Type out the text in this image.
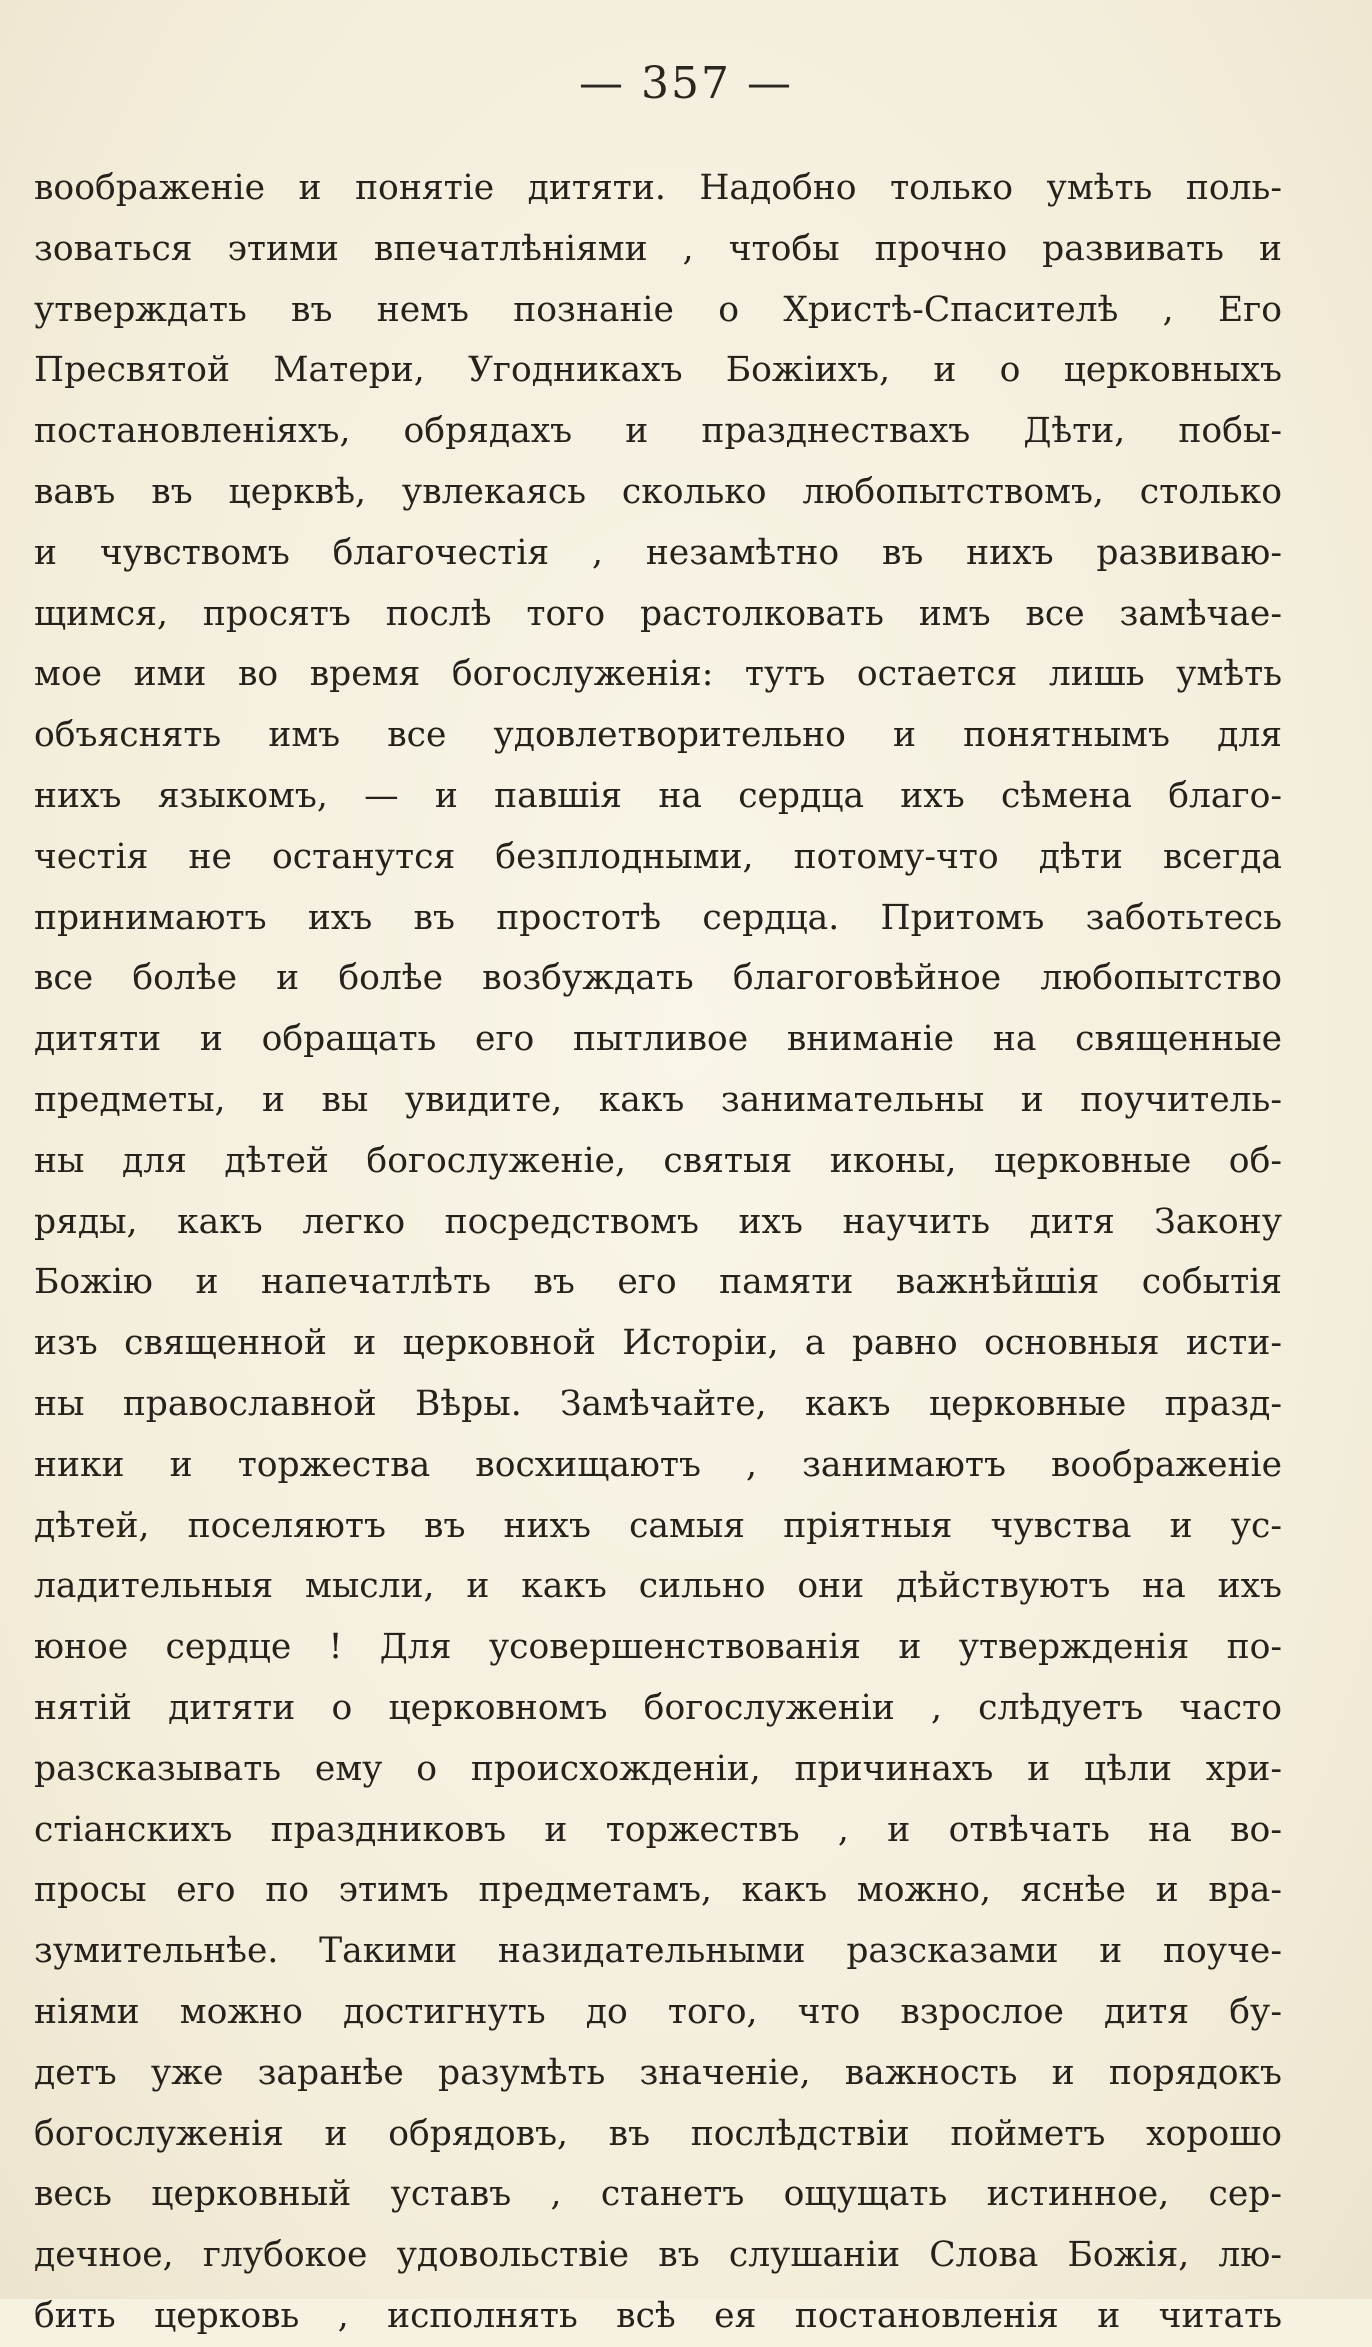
— 357 —
воображеніе и понятіе дитяти. Надобно только умѣть поль-
зоваться этими впечатлѣніями , чтобы прочно развивать и
утверждать въ немъ познаніе о Христѣ-Спасителѣ , Его
Пресвятой Матери, Угодникахъ Божіихъ, и о церковныхъ
постановленіяхъ, обрядахъ и празднествахъ Дѣти, побы-
вавъ въ церквѣ, увлекаясь сколько любопытствомъ, столько
и чувствомъ благочестія , незамѣтно въ нихъ развиваю-
щимся, просятъ послѣ того растолковать имъ все замѣчае-
мое ими во время богослуженія: тутъ остается лишь умѣть
объяснять имъ все удовлетворительно и понятнымъ для
нихъ языкомъ, — и павшія на сердца ихъ сѣмена благо-
честія не останутся безплодными, потому-что дѣти всегда
принимаютъ ихъ въ простотѣ сердца. Притомъ заботьтесь
все болѣе и болѣе возбуждать благоговѣйное любопытство
дитяти и обращать его пытливое вниманіе на священные
предметы, и вы увидите, какъ занимательны и поучитель-
ны для дѣтей богослуженіе, святыя иконы, церковные об-
ряды, какъ легко посредствомъ ихъ научить дитя Закону
Божію и напечатлѣть въ его памяти важнѣйшія событія
изъ священной и церковной Исторіи, а равно основныя исти-
ны православной Вѣры. Замѣчайте, какъ церковные празд-
ники и торжества восхищаютъ , занимаютъ воображеніе
дѣтей, поселяютъ въ нихъ самыя пріятныя чувства и ус-
ладительныя мысли, и какъ сильно они дѣйствуютъ на ихъ
юное сердце ! Для усовершенствованія и утвержденія по-
нятій дитяти о церковномъ богослуженіи , слѣдуетъ часто
разсказывать ему о происхожденіи, причинахъ и цѣли хри-
стіанскихъ праздниковъ и торжествъ , и отвѣчать на во-
просы его по этимъ предметамъ, какъ можно, яснѣе и вра-
зумительнѣе. Такими назидательными разсказами и поуче-
ніями можно достигнуть до того, что взрослое дитя бу-
детъ уже заранѣе разумѣть значеніе, важность и порядокъ
богослуженія и обрядовъ, въ послѣдствіи пойметъ хорошо
весь церковный уставъ , станетъ ощущать истинное, сер-
дечное, глубокое удовольствіе въ слушаніи Слова Божія, лю-
бить церковь , исполнять всѣ ея постановленія и читать
